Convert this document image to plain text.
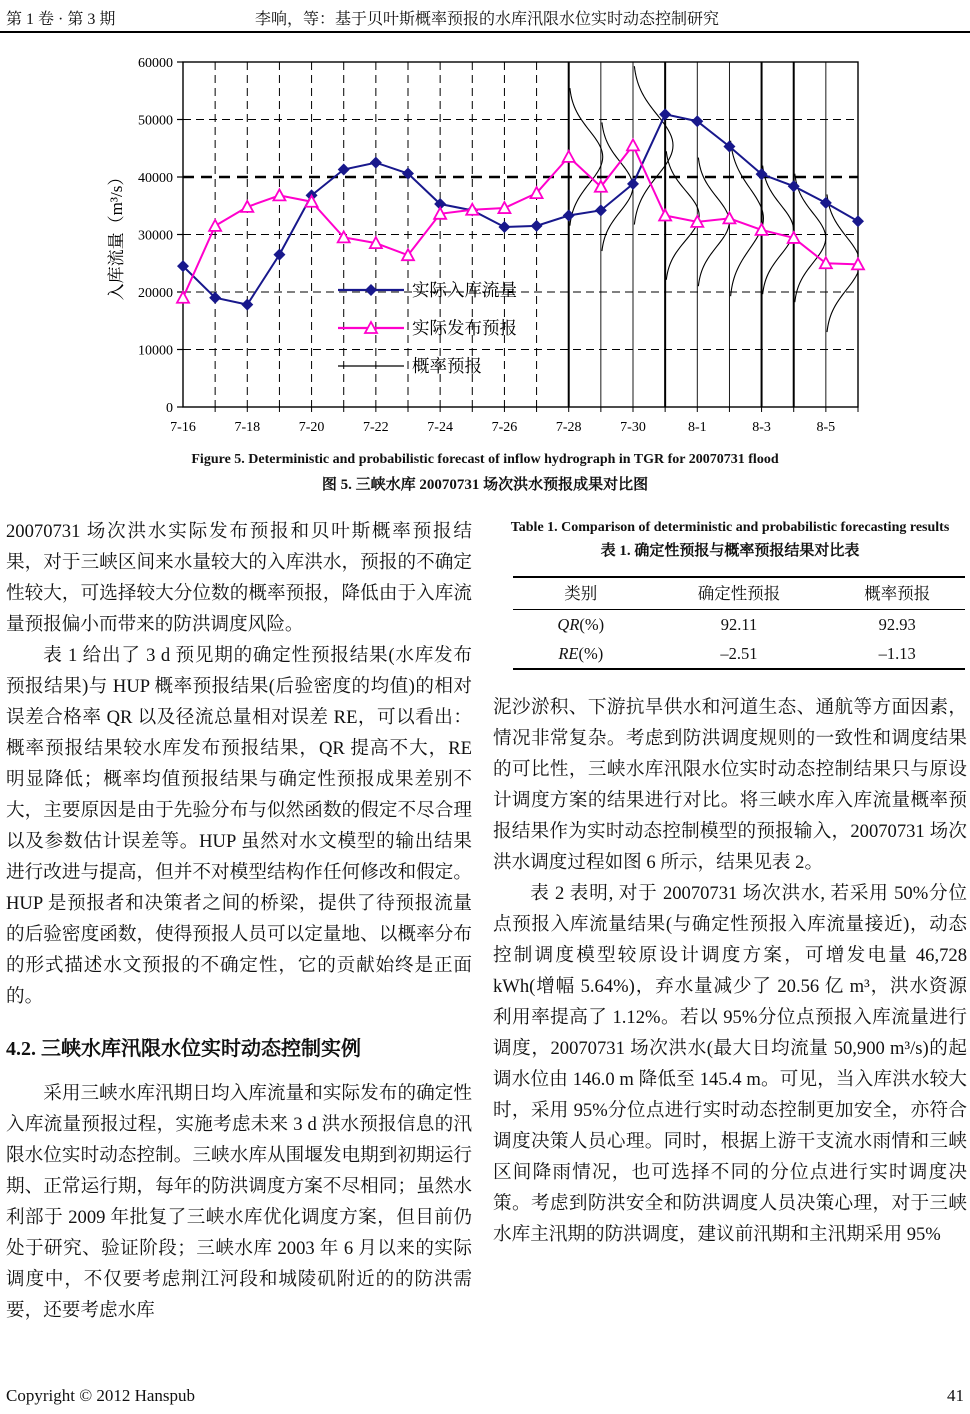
第 1 卷 · 第 3 期	李响，等：基于贝叶斯概率预报的水库汛限水位实时动态控制研究
0
10000
20000
30000
40000
50000
60000
7-16	7-18	7-20	7-22	7-24	7-26	7-28	7-30	8-1	8-3	8-5
实际入库流量
实际发布预报
概率预报
入库流量（m³/s）
Figure 5. Deterministic and probabilistic forecast of inflow hydrograph in TGR for 20070731 flood
图 5. 三峡水库 20070731 场次洪水预报成果对比图

20070731 场次洪水实际发布预报和贝叶斯概率预报结果，对于三峡区间来水量较大的入库洪水，预报的不确定性较大，可选择较大分位数的概率预报，降低由于入库流量预报偏小而带来的防洪调度风险。

表 1 给出了 3 d 预见期的确定性预报结果(水库发布预报结果)与 HUP 概率预报结果(后验密度的均值)的相对误差合格率 QR 以及径流总量相对误差 RE，可以看出：概率预报结果较水库发布预报结果，QR 提高不大，RE 明显降低；概率均值预报结果与确定性预报成果差别不大，主要原因是由于先验分布与似然函数的假定不尽合理以及参数估计误差等。HUP 虽然对水文模型的输出结果进行改进与提高，但并不对模型结构作任何修改和假定。HUP 是预报者和决策者之间的桥梁，提供了待预报流量的后验密度函数，使得预报人员可以定量地、以概率分布的形式描述水文预报的不确定性，它的贡献始终是正面的。

4.2. 三峡水库汛限水位实时动态控制实例

采用三峡水库汛期日均入库流量和实际发布的确定性入库流量预报过程，实施考虑未来 3 d 洪水预报信息的汛限水位实时动态控制。三峡水库从围堰发电期到初期运行期、正常运行期，每年的防洪调度方案不尽相同；虽然水利部于 2009 年批复了三峡水库优化调度方案，但目前仍处于研究、验证阶段；三峡水库 2003 年 6 月以来的实际调度中，不仅要考虑荆江河段和城陵矶附近的的防洪需要，还要考虑水库

Table 1. Comparison of deterministic and probabilistic forecasting results
表 1. 确定性预报与概率预报结果对比表
类别	确定性预报	概率预报
QR(%)	92.11	92.93
RE(%)	–2.51	–1.13

泥沙淤积、下游抗旱供水和河道生态、通航等方面因素，情况非常复杂。考虑到防洪调度规则的一致性和调度结果的可比性，三峡水库汛限水位实时动态控制结果只与原设计调度方案的结果进行对比。将三峡水库入库流量概率预报结果作为实时动态控制模型的预报输入，20070731 场次洪水调度过程如图 6 所示，结果见表 2。

表 2 表明, 对于 20070731 场次洪水, 若采用 50%分位点预报入库流量结果(与确定性预报入库流量接近)，动态控制调度模型较原设计调度方案，可增发电量 46,728 kWh(增幅 5.64%)，弃水量减少了 20.56 亿 m³，洪水资源利用率提高了 1.12%。若以 95%分位点预报入库流量进行调度，20070731 场次洪水(最大日均流量 50,900 m³/s)的起调水位由 146.0 m 降低至 145.4 m。可见，当入库洪水较大时，采用 95%分位点进行实时动态控制更加安全，亦符合调度决策人员心理。同时，根据上游干支流水雨情和三峡区间降雨情况，也可选择不同的分位点进行实时调度决策。考虑到防洪安全和防洪调度人员决策心理，对于三峡水库主汛期的防洪调度，建议前汛期和主汛期采用 95%

Copyright © 2012 Hanspub	41
